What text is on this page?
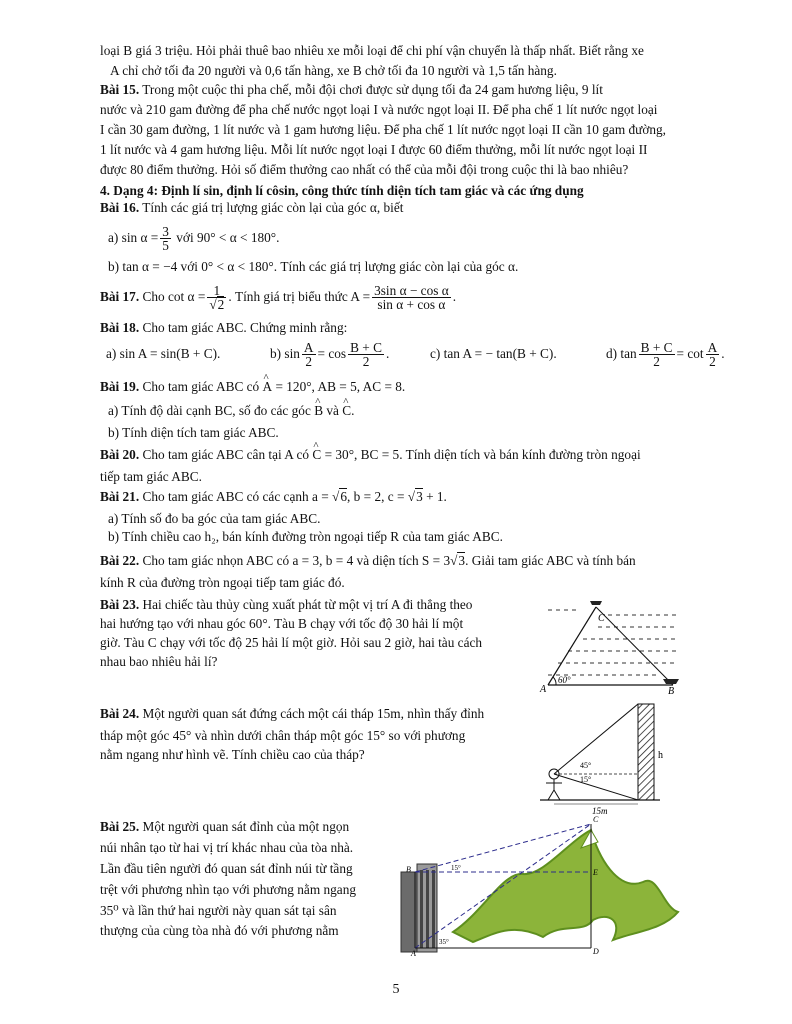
loại B giá 3 triệu. Hỏi phải thuê bao nhiêu xe mỗi loại để chi phí vận chuyển là thấp nhất. Biết rằng xe
A chỉ chở tối đa 20 người và 0,6 tấn hàng, xe B chở tối đa 10 người và 1,5 tấn hàng.
Bài 15. Trong một cuộc thi pha chế, mỗi đội chơi được sử dụng tối đa 24 gam hương liệu, 9 lít
nước và 210 gam đường để pha chế nước ngọt loại I và nước ngọt loại II. Để pha chế 1 lít nước ngọt loại
I cần 30 gam đường, 1 lít nước và 1 gam hương liệu. Để pha chế 1 lít nước ngọt loại II cần 10 gam đường,
1 lít nước và 4 gam hương liệu. Mỗi lít nước ngọt loại I được 60 điểm thưởng, mỗi lít nước ngọt loại II
được 80 điểm thưởng. Hỏi số điểm thưởng cao nhất có thể của mỗi đội trong cuộc thi là bao nhiêu?
4. Dạng 4: Định lí sin, định lí côsin, công thức tính diện tích tam giác và các ứng dụng
Bài 16. Tính các giá trị lượng giác còn lại của góc α, biết
a) $\sin \alpha = \frac{3}{5}$ với 90° < α < 180°.
b) tan α = −4 với 0° < α < 180°. Tính các giá trị lượng giác còn lại của góc α.
Bài 17. Cho $\cot \alpha = \frac{1}{√2}$ . Tính giá trị biểu thức $A = \frac{\text{3sin α − cos α}}{\text{sin α + cos α}}$ .
Bài 18. Cho tam giác ABC. Chứng minh rằng:
a) sin A = sin(B + C).	b) $\sin \frac{A}{2} = \cos \frac{B + C}{2}$ .	c) tan A = − tan(B + C).	d) $\tan \frac{B + C}{2} = \cot \frac{A}{2}$ .
Bài 19. Cho tam giác ABC có ^ A = 120°, AB = 5, AC = 8.
a) Tính độ dài cạnh BC, số đo các góc ^ B và ^ C.
b) Tính diện tích tam giác ABC.
Bài 20. Cho tam giác ABC cân tại A có ^ C = 30°, BC = 5. Tính diện tích và bán kính đường tròn ngoại
tiếp tam giác ABC.
Bài 21. Cho tam giác ABC có các cạnh a = √6, b = 2, c = √3 + 1.
a) Tính số đo ba góc của tam giác ABC.
b) Tính chiều cao h₂, bán kính đường tròn ngoại tiếp R của tam giác ABC.
Bài 22. Cho tam giác nhọn ABC có a = 3, b = 4 và diện tích S = 3√3. Giải tam giác ABC và tính bán
kính R của đường tròn ngoại tiếp tam giác đó.
Bài 23. Hai chiếc tàu thủy cùng xuất phát từ một vị trí A đi thẳng theo
hai hướng tạo với nhau góc 60°. Tàu B chạy với tốc độ 30 hải lí một
giờ. Tàu C chạy với tốc độ 25 hải lí một giờ. Hỏi sau 2 giờ, hai tàu cách
nhau bao nhiêu hải lí?
C
A	B
60°
Bài 24. Một người quan sát đứng cách một cái tháp 15m, nhìn thấy đỉnh
tháp một góc 45° và nhìn dưới chân tháp một góc 15° so với phương
nằm ngang như hình vẽ. Tính chiều cao của tháp?	h
45°
15°
15m
Bài 25. Một người quan sát đỉnh của một ngọn
núi nhân tạo từ hai vị trí khác nhau của tòa nhà.
Lần đầu tiên người đó quan sát đỉnh núi từ tầng
trệt với phương nhìn tạo với phương nằm ngang
35⁰ và lần thứ hai người này quan sát tại sân
thượng của cùng tòa nhà đó với phương nằm
C
B	E
A	D
15°
35°
5
